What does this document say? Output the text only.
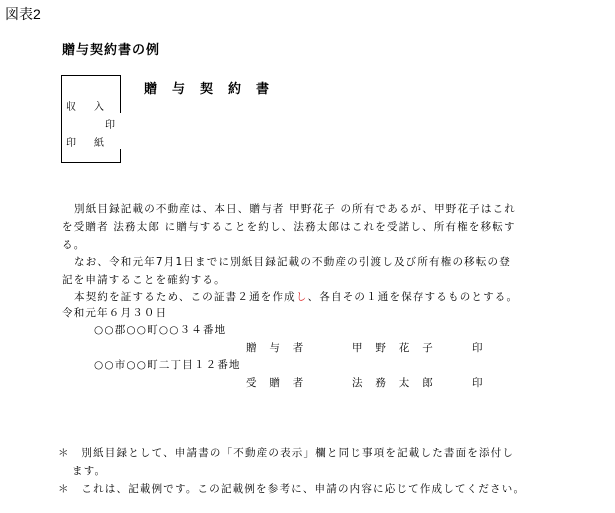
図表2
贈与契約書の例
収　入
印
印　紙
贈与契約書
別紙目録記載の不動産は、本日、贈与者 甲野花子 の所有であるが、甲野花子はこれ
を受贈者 法務太郎 に贈与することを約し、法務太郎はこれを受諾し、所有権を移転す
る。
なお、令和元年7月1日までに別紙目録記載の不動産の引渡し及び所有権の移転の登
記を申請することを確約する。
本契約を証するため、この証書２通を作成し、各自その１通を保存するものとする。
令和元年６月３０日
○○郡○○町○○３４番地
贈　与　者	甲　野　花　子	印
○○市○○町二丁目１２番地
受　贈　者	法　務　太　郎	印
＊　別紙目録として、申請書の「不動産の表示」欄と同じ事項を記載した書面を添付し
ます。
＊　これは、記載例です。この記載例を参考に、申請の内容に応じて作成してください。
